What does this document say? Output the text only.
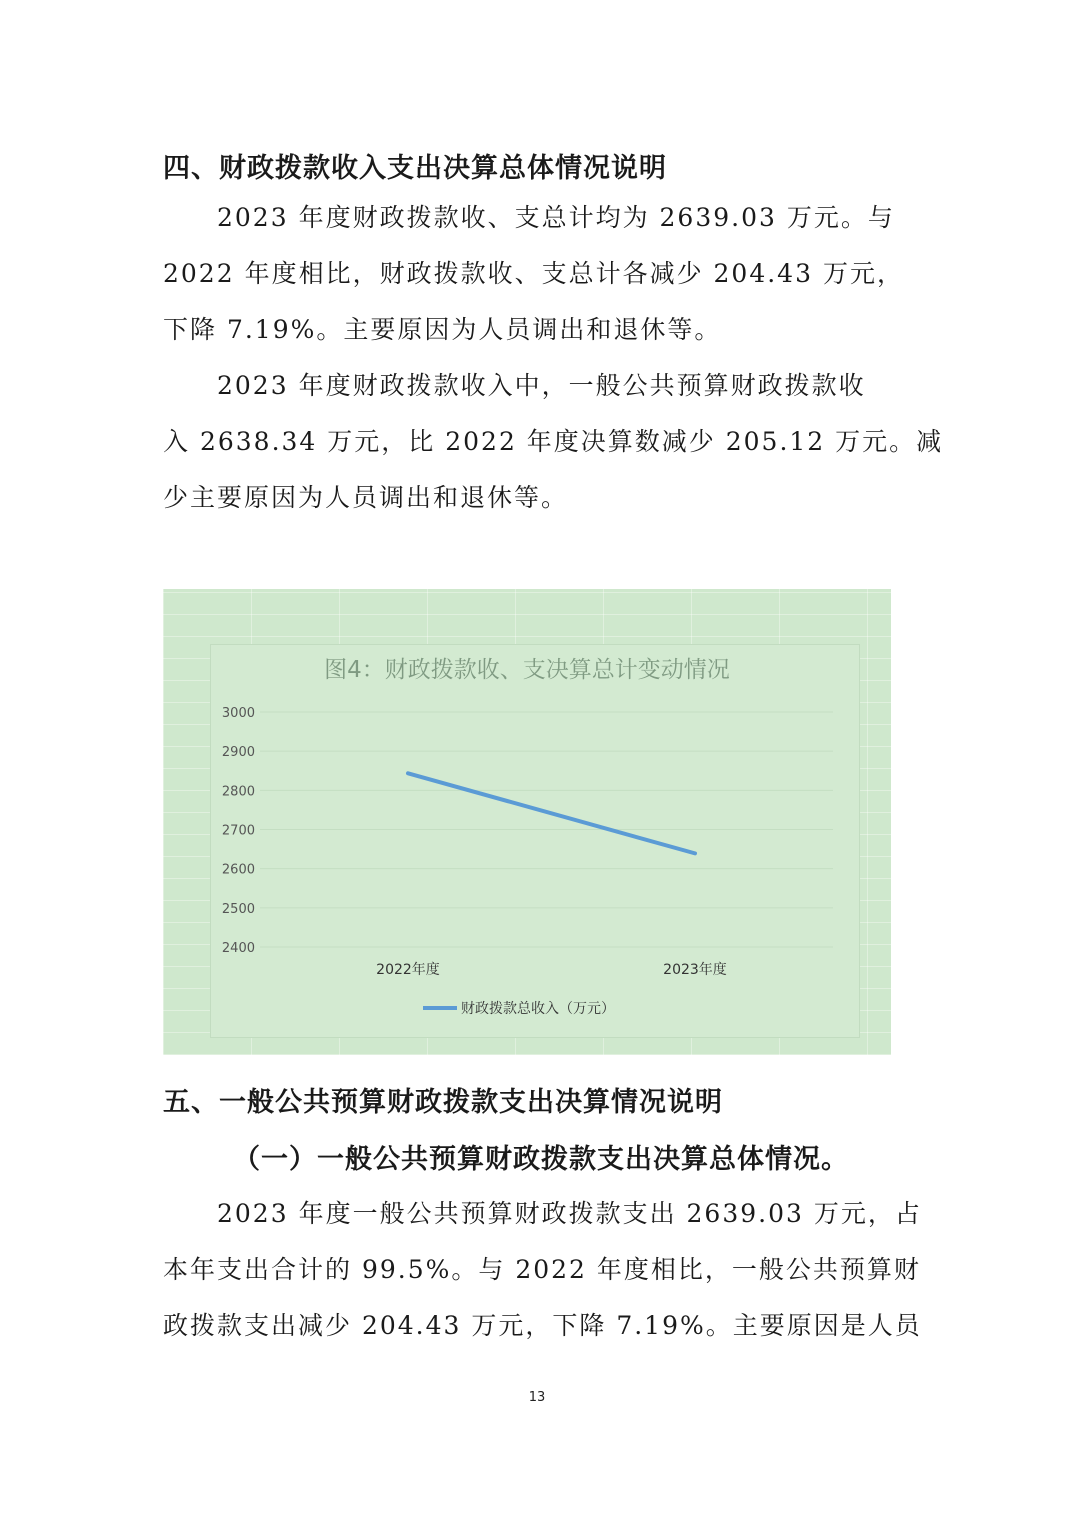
四、财政拨款收入支出决算总体情况说明

　　2023 年度财政拨款收、支总计均为 2639.03 万元。与
2022 年度相比，财政拨款收、支总计各减少 204.43 万元，
下降 7.19%。主要原因为人员调出和退休等。

　　2023 年度财政拨款收入中，一般公共预算财政拨款收
入 2638.34 万元，比 2022 年度决算数减少 205.12 万元。减
少主要原因为人员调出和退休等。

图4：财政拨款收、支决算总计变动情况
3000
2900
2800
2700
2600
2500
2400
2022年度	2023年度
财政拨款总收入（万元）
五、一般公共预算财政拨款支出决算情况说明
（一）一般公共预算财政拨款支出决算总体情况。

　　2023 年度一般公共预算财政拨款支出 2639.03 万元，占
本年支出合计的 99.5%。与 2022 年度相比，一般公共预算财
政拨款支出减少 204.43 万元，下降 7.19%。主要原因是人员

13
